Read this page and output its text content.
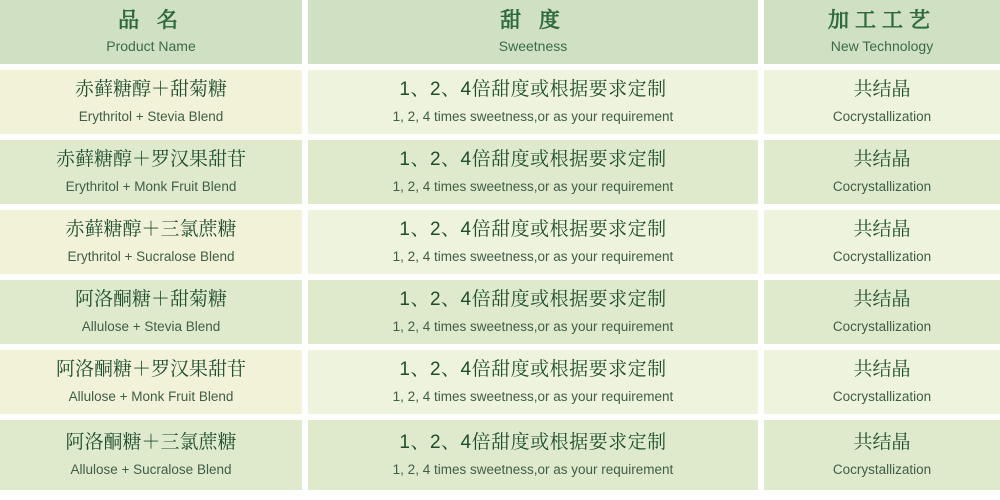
品 名
Product Name
甜 度
Sweetness
加工工艺
New Technology
赤藓糖醇＋甜菊糖
Erythritol + Stevia Blend
1、2、4倍甜度或根据要求定制
1, 2, 4 times sweetness,or as your requirement
共结晶
Cocrystallization
赤藓糖醇＋罗汉果甜苷
Erythritol + Monk Fruit Blend
1、2、4倍甜度或根据要求定制
1, 2, 4 times sweetness,or as your requirement
共结晶
Cocrystallization
赤藓糖醇＋三氯蔗糖
Erythritol + Sucralose Blend
1、2、4倍甜度或根据要求定制
1, 2, 4 times sweetness,or as your requirement
共结晶
Cocrystallization
阿洛酮糖＋甜菊糖
Allulose + Stevia Blend
1、2、4倍甜度或根据要求定制
1, 2, 4 times sweetness,or as your requirement
共结晶
Cocrystallization
阿洛酮糖＋罗汉果甜苷
Allulose + Monk Fruit Blend
1、2、4倍甜度或根据要求定制
1, 2, 4 times sweetness,or as your requirement
共结晶
Cocrystallization
阿洛酮糖＋三氯蔗糖
Allulose + Sucralose Blend
1、2、4倍甜度或根据要求定制
1, 2, 4 times sweetness,or as your requirement
共结晶
Cocrystallization
